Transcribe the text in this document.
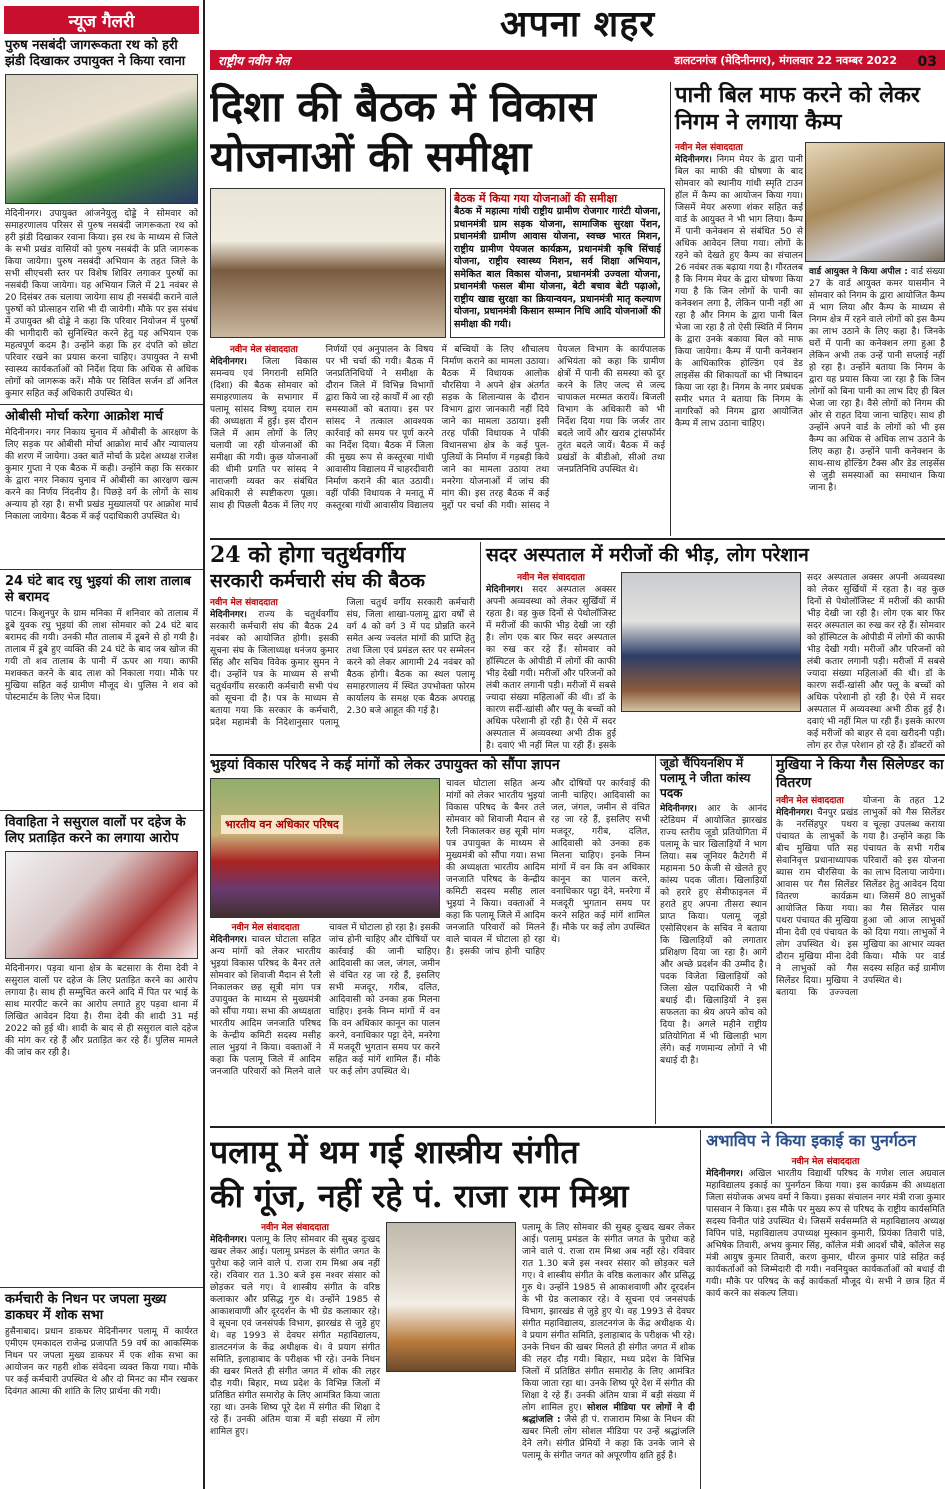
न्यूज गैलरी
पुरुष नसबंदी जागरूकता रथ को हरी झंडी दिखाकर उपायुक्त ने किया रवाना
मेदिनीनगर। उपायुक्त आंजनेयुलु दोड्डे ने सोमवार को समाहरणालय परिसर से पुरुष नसबंदी जागरूकता रथ को हरी झंडी दिखाकर रवाना किया। इस रथ के माध्यम से जिले के सभी प्रखंड वासियों को पुरुष नसबंदी के प्रति जागरूक किया जायेगा। पुरुष नसबंदी अभियान के तहत जिले के सभी सीएचसी स्तर पर विशेष शिविर लगाकर पुरुषों का नसबंदी किया जायेगा। यह अभियान जिले में 21 नवंबर से 20 दिसंबर तक चलाया जायेगा साथ ही नसबंदी कराने वाले पुरुषों को प्रोत्साहन राशि भी दी जायेगी। मौके पर इस संबंध में उपायुक्त श्री दोड्डे ने कहा कि परिवार नियोजन में पुरुषों की भागीदारी को सुनिश्चित करने हेतु यह अभियान एक महत्वपूर्ण कदम है। उन्होंने कहा कि हर दंपति को छोटा परिवार रखने का प्रयास करना चाहिए। उपायुक्त ने सभी स्वास्थ्य कार्यकर्ताओं को निर्देश दिया कि अधिक से अधिक लोगों को जागरूक करें। मौके पर सिविल सर्जन डॉ अनिल कुमार सहित कई अधिकारी उपस्थित थे।
ओबीसी मोर्चा करेगा आक्रोश मार्च
मेदिनीनगर। नगर निकाय चुनाव में ओबीसी के आरक्षण के लिए सड़क पर ओबीसी मोर्चा आक्रोश मार्च और न्यायालय की शरण में जायेगा। उक्त बातें मोर्चा के प्रदेश अध्यक्ष राजेश कुमार गुप्ता ने एक बैठक में कही। उन्होंने कहा कि सरकार के द्वारा नगर निकाय चुनाव में ओबीसी का आरक्षण खत्म करने का निर्णय निंदनीय है। पिछड़े वर्ग के लोगों के साथ अन्याय हो रहा है। सभी प्रखंड मुख्यालयों पर आक्रोश मार्च निकाला जायेगा। बैठक में कई पदाधिकारी उपस्थित थे।
24 घंटे बाद रघु भुइयां की लाश तालाब से बरामद
पाटन। किशुनपुर के ग्राम मनिका में शनिवार को तालाब में डूबे युवक रघु भुइयां की लाश सोमवार को 24 घंटे बाद बरामद की गयी। उनकी मौत तालाब में डूबने से हो गयी है। तालाब में डूबे हुए व्यक्ति की 24 घंटे के बाद जब खोज की गयी तो शव तालाब के पानी में ऊपर आ गया। काफी मशक्कत करने के बाद लाश को निकाला गया। मौके पर मुखिया सहित कई ग्रामीण मौजूद थे। पुलिस ने शव को पोस्टमार्टम के लिए भेज दिया।
विवाहिता ने ससुराल वालों पर दहेज के लिए प्रताड़ित करने का लगाया आरोप
मेदिनीनगर। पड़वा थाना क्षेत्र के बटसारा के रीमा देवी ने ससुराल वालों पर दहेज के लिए प्रताड़ित करने का आरोप लगाया है। साथ ही सम्मुचित करने आदि में पित पर भाई के साथ मारपीट करने का आरोप लगाते हुए पड़वा थाना में लिखित आवेदन दिया है। रीमा देवी की शादी 31 मई 2022 को हुई थी। शादी के बाद से ही ससुराल वाले दहेज की मांग कर रहे हैं और प्रताड़ित कर रहे हैं। पुलिस मामले की जांच कर रही है।
कर्मचारी के निधन पर जपला मुख्य डाकघर में शोक सभा
हुसैनाबाद। प्रधान डाकघर मेदिनीनगर पलामू में कार्यरत एमीएम एमकादल राजेन्द्र प्रजापति 59 वर्ष का आकस्मिक निधन पर जपला मुख्य डाकघर में एक शोक सभा का आयोजन कर गहरी शोक संवेदना व्यक्त किया गया। मौके पर कई कर्मचारी उपस्थित थे और दो मिनट का मौन रखकर दिवंगत आत्मा की शांति के लिए प्रार्थना की गयी।
अपना शहर
राष्ट्रीय नवीन मेल	डालटनगंज (मेदिनीनगर), मंगलवार 22 नवम्बर 2022 03
दिशा की बैठक में विकास
योजनाओं की समीक्षा
बैठक में किया गया योजनाओं की समीक्षा
बैठक में महात्मा गांधी राष्ट्रीय ग्रामीण रोजगार गारंटी योजना, प्रधानमंत्री ग्राम सड़क योजना, सामाजिक सुरक्षा पेंशन, प्रधानमंत्री ग्रामीण आवास योजना, स्वच्छ भारत मिशन, राष्ट्रीय ग्रामीण पेयजल कार्यक्रम, प्रधानमंत्री कृषि सिंचाई योजना, राष्ट्रीय स्वास्थ्य मिशन, सर्व शिक्षा अभियान, समेकित बाल विकास योजना, प्रधानमंत्री उज्वला योजना, प्रधानमंत्री फसल बीमा योजना, बेटी बचाव बेटी पढ़ाओ, राष्ट्रीय खाद्य सुरक्षा का क्रियान्वयन, प्रधानमंत्री मातृ कल्याण योजना, प्रधानमंत्री किसान सम्मान निधि आदि योजनाओं की समीक्षा की गयी।
नवीन मेल संवाददाता
मेदिनीनगर। जिला विकास समन्वय एवं निगरानी समिति (दिशा) की बैठक सोमवार को समाहरणालय के सभागार में पलामू सांसद विष्णु दयाल राम की अध्यक्षता में हुई। इस दौरान जिले में आम लोगों के लिए चलायी जा रही योजनाओं की समीक्षा की गयी। कुछ योजनाओं की धीमी प्रगति पर सांसद ने नाराजगी व्यक्त कर संबंधित अधिकारी से स्पष्टीकरण पूछा। साथ ही पिछली बैठक में लिए गए निर्णयों एवं अनुपालन के विषय पर भी चर्चा की गयी। बैठक में जनप्रतिनिधियों ने समीक्षा के दौरान जिले में विभिन्न विभागों द्वारा किये जा रहे कार्यों में आ रही समस्याओं को बताया। इस पर सांसद ने तत्काल आवश्यक कार्रवाई को समय पर पूर्ण करने का निर्देश दिया। बैठक में जिला की मुख्य रूप से कस्तूरबा गांधी आवासीय विद्यालय में चाहरदीवारी निर्माण कराने की बात उठायी। वहीं पाँकी विधायक ने मनातू में कस्तूरबा गांधी आवासीय विद्यालय में बच्चियों के लिए शौचालय निर्माण कराने का मामला उठाया। बैठक में विधायक आलोक चौरसिया ने अपने क्षेत्र अंतर्गत सड़क के शिलान्यास के दौरान विभाग द्वारा जानकारी नहीं दिये जाने का मामला उठाया। इसी तरह पाँकी विधायक ने पाँकी विधानसभा क्षेत्र के कई पुल-पुलियों के निर्माण में गड़बड़ी किये जाने का मामला उठाया तथा मनरेगा योजनाओं में जांच की मांग की। इस तरह बैठक में कई मुद्दों पर चर्चा की गयी। सांसद ने पेयजल विभाग के कार्यपालक अभियंता को कहा कि ग्रामीण क्षेत्रों में पानी की समस्या को दूर करने के लिए जल्द से जल्द चापाकल मरम्मत करायें। बिजली विभाग के अधिकारी को भी निर्देश दिया गया कि जर्जर तार बदले जायें और खराब ट्रांसफॉर्मर तुरंत बदले जायें। बैठक में कई प्रखंडों के बीडीओ, सीओ तथा जनप्रतिनिधि उपस्थित थे।
पानी बिल माफ करने को लेकर निगम ने लगाया कैम्प
नवीन मेल संवाददाता
मेदिनीनगर। निगम मेयर के द्वारा पानी बिल का माफी की घोषणा के बाद सोमवार को स्थानीय गांधी स्मृति टाउन हॉल में कैम्प का आयोजन किया गया। जिसमें मेयर अरुणा शंकर सहित कई वार्ड के आयुक्त ने भी भाग लिया। कैम्प में पानी कनेक्शन से संबंधित 50 से अधिक आवेदन लिया गया। लोगों के रहने को देखते हुए कैम्प का संचालन 26 नवंबर तक बढ़ाया गया है। गौरतलब है कि निगम मेयर के द्वारा घोषणा किया गया है कि जिन लोगों के पानी का कनेक्शन लगा है, लेकिन पानी नहीं आ रहा है और निगम के द्वारा पानी बिल भेजा जा रहा है तो ऐसी स्थिति में निगम के द्वारा उनके बकाया बिल को माफ किया जायेगा। कैम्प में पानी कनेक्शन के आधिकारिक होल्डिंग एवं डेड लाइसेंस की शिकायतों का भी निष्पादन किया जा रहा है। निगम के नगर प्रबंधक समीर भगत ने बताया कि निगम के नागरिकों को निगम द्वारा आयोजित कैम्प में लाभ उठाना चाहिए।
वार्ड आयुक्त ने किया अपील : वार्ड संख्या 27 के वार्ड आयुक्त कमर यासमीन ने सोमवार को निगम के द्वारा आयोजित कैम्प में भाग लिया और कैम्प के माध्यम से निगम क्षेत्र में रहने वाले लोगों को इस कैम्प का लाभ उठाने के लिए कहा है। जिनके घरों में पानी का कनेक्शन लगा हुआ है लेकिन अभी तक उन्हें पानी सप्लाई नहीं हो रहा है। उन्होंने बताया कि निगम के द्वारा यह प्रयास किया जा रहा है कि जिन लोगों को बिना पानी का लाभ दिए ही बिल भेजा जा रहा है। वैसे लोगों को निगम की ओर से राहत दिया जाना चाहिए। साथ ही उन्होंने अपने वार्ड के लोगों को भी इस कैम्प का अधिक से अधिक लाभ उठाने के लिए कहा है। उन्होंने पानी कनेक्शन के साथ-साथ होल्डिंग टैक्स और डेड लाइसेंस से जुड़ी समस्याओं का समाधान किया जाना है।
24 को होगा चतुर्थवर्गीय
सरकारी कर्मचारी संघ की बैठक
नवीन मेल संवाददाता
मेदिनीनगर। राज्य के चतुर्थवर्गीय सरकारी कर्मचारी संघ की बैठक 24 नवंबर को आयोजित होगी। इसकी सूचना संघ के जिलाध्यक्ष धनंजय कुमार सिंह और सचिव विवेक कुमार सुमन ने दी। उन्होंने पत्र के माध्यम से सभी चतुर्थवर्गीय सरकारी कर्मचारी सभी पंथ को सूचना दी है। पत्र के माध्यम से बताया गया कि सरकार के कर्मचारी, प्रदेश महामंत्री के निदेशानुसार पलामू जिला चतुर्थ वर्गीय सरकारी कर्मचारी संघ, जिला शाखा-पलामू द्वारा वर्षों से वर्ग 4 को वर्ग 3 में पद प्रोन्नति करने समेत अन्य ज्वलंत मांगों की प्राप्ति हेतु तथा जिला एवं प्रमंडल स्तर पर सम्मेलन करने को लेकर आगामी 24 नवंबर को बैठक होगी। बैठक का स्थल पलामू समाहरणालय में स्थित उपभोक्ता फोरम कार्यालय के समक्ष एक बैठक अपराह्न 2.30 बजे आहूत की गई है।
सदर अस्पताल में मरीजों की भीड़, लोग परेशान
नवीन मेल संवाददाता
मेदिनीनगर। सदर अस्पताल अक्सर अपनी अव्यवस्था को लेकर सुर्खियों में रहता है। वह कुछ दिनों से पेथोलॉजिस्ट में मरीजों की काफी भीड़ देखी जा रही है। लोग एक बार फिर सदर अस्पताल का रुख कर रहे हैं। सोमवार को हॉस्पिटल के ओपीडी में लोगों की काफी भीड़ देखी गयी। मरीजों और परिजनों को लंबी कतार लगानी पड़ी। मरीजों में सबसे ज्यादा संख्या महिलाओं की थी। डॉ के कारण सर्दी-खांसी और फ्लू के बच्चों को अधिक परेशानी हो रही है। ऐसे में सदर अस्पताल में अव्यवस्था अभी ठीक हुई है। दवाएं भी नहीं मिल पा रही हैं। इसके
सदर अस्पताल अक्सर अपनी अव्यवस्था को लेकर सुर्खियों में रहता है। वह कुछ दिनों से पेथोलॉजिस्ट में मरीजों की काफी भीड़ देखी जा रही है। लोग एक बार फिर सदर अस्पताल का रुख कर रहे हैं। सोमवार को हॉस्पिटल के ओपीडी में लोगों की काफी भीड़ देखी गयी। मरीजों और परिजनों को लंबी कतार लगानी पड़ी। मरीजों में सबसे ज्यादा संख्या महिलाओं की थी। डॉ के कारण सर्दी-खांसी और फ्लू के बच्चों को अधिक परेशानी हो रही है। ऐसे में सदर अस्पताल में अव्यवस्था अभी ठीक हुई है। दवाएं भी नहीं मिल पा रही हैं। इसके कारण कई मरीजों को बाहर से दवा खरीदनी पड़ी। लोग हर रोज़ परेशान हो रहे हैं। डॉक्टरों को
भुइयां विकास परिषद ने कई मांगों को लेकर उपायुक्त को सौंपा ज्ञापन
भारतीय वन अधिकार परिषद
चावल घोटाला सहित अन्य मांगों को लेकर भारतीय भुइयां विकास परिषद के बैनर तले सोमवार को शिवाजी मैदान से रैली निकालकर छह सूत्री मांग पत्र उपायुक्त के माध्यम से मुख्यमंत्री को सौंपा गया। सभा की अध्यक्षता भारतीय आदिम जनजाति परिषद के केन्द्रीय कमिटी सदस्य मसीह लाल भुइयां ने किया। वक्ताओं ने कहा कि पलामू जिले में आदिम जनजाति परिवारों को मिलने वाले चावल में घोटाला हो रहा है। इसकी जांच होनी चाहिए और दोषियों पर कार्रवाई की जानी चाहिए। आदिवासी का जल, जंगल, जमीन से वंचित रह जा रहे हैं, इसलिए सभी मजदूर, गरीब, दलित, आदिवासी को उनका हक मिलना चाहिए। इनके निम्न मांगों में वन कि वन अधिकार कानून का पालन करने, वनाधिकार पट्टा देने, मनरेगा में मजदूरी भुगतान समय पर करने सहित कई मांगें शामिल हैं। मौके पर कई लोग उपस्थित थे।
नवीन मेल संवाददाता
मेदिनीनगर। चावल घोटाला सहित अन्य मांगों को लेकर भारतीय भुइयां विकास परिषद के बैनर तले सोमवार को शिवाजी मैदान से रैली निकालकर छह सूत्री मांग पत्र उपायुक्त के माध्यम से मुख्यमंत्री को सौंपा गया। सभा की अध्यक्षता भारतीय आदिम जनजाति परिषद के केन्द्रीय कमिटी सदस्य मसीह लाल भुइयां ने किया। वक्ताओं ने कहा कि पलामू जिले में आदिम जनजाति परिवारों को मिलने वाले चावल में घोटाला हो रहा है। इसकी जांच होनी चाहिए और दोषियों पर कार्रवाई की जानी चाहिए। आदिवासी का जल, जंगल, जमीन से वंचित रह जा रहे हैं, इसलिए सभी मजदूर, गरीब, दलित, आदिवासी को उनका हक मिलना चाहिए। इनके निम्न मांगों में वन कि वन अधिकार कानून का पालन करने, वनाधिकार पट्टा देने, मनरेगा में मजदूरी भुगतान समय पर करने सहित कई मांगें शामिल हैं। मौके पर कई लोग उपस्थित थे।
जूडो चैंपियनशिप में पलामू ने जीता कांस्य पदक
मेदिनीनगर। आर के आनंद स्टेडियम में आयोजित झारखंड राज्य स्तरीय जूडो प्रतियोगिता में पलामू के चार खिलाड़ियों ने भाग लिया। सब जूनियर कैटेगरी में महामना 50 केजी से खेलते हुए कांस्य पदक जीता। खिलाड़ियों को हरारे हुए सेमीफाइनल में हराते हुए अपना तीसरा स्थान प्राप्त किया। पलामू जूडो एसोसिएशन के सचिव ने बताया कि खिलाड़ियों को लगातार प्रशिक्षण दिया जा रहा है। आगे और अच्छे प्रदर्शन की उम्मीद है। पदक विजेता खिलाड़ियों को जिला खेल पदाधिकारी ने भी बधाई दी। खिलाड़ियों ने इस सफलता का श्रेय अपने कोच को दिया है। अगले महीने राष्ट्रीय प्रतियोगिता में भी खिलाड़ी भाग लेंगे। कई गणमान्य लोगों ने भी बधाई दी है।
मुखिया ने किया गैस सिलेण्डर का वितरण
नवीन मेल संवाददाता
मेदिनीनगर। चैनपुर प्रखंड के नरसिंहपुर पथरा पंचायत के लाभुकों के बीच मुखिया पति सह सेवानिवृत्त प्रधानाध्यापक ब्यास राम चौरसिया के आवास पर गैस सिलेंडर वितरण कार्यक्रम आयोजित किया गया। पथरा पंचायत की मुखिया मीना देवी एवं पंचायत के लोग उपस्थित थे। इस दौरान मुखिया मीना देवी ने लाभुकों को गैस सिलेंडर दिया। मुखिया ने बताया कि उज्ज्वला योजना के तहत 12 लाभुकों को गैस सिलेंडर व चूल्हा उपलब्ध कराया गया है। उन्होंने कहा कि पंचायत के सभी गरीब परिवारों को इस योजना का लाभ दिलाया जायेगा। सिलेंडर हेतु आवेदन दिया था। जिसमें 80 लाभुकों का गैस सिलेंडर पास हुआ जो आज लाभुकों को दिया गया। लाभुकों ने मुखिया का आभार व्यक्त किया। मौके पर वार्ड सदस्य सहित कई ग्रामीण उपस्थित थे।
पलामू में थम गई शास्त्रीय संगीत
की गूंज, नहीं रहे पं. राजा राम मिश्रा
नवीन मेल संवाददाता
मेदिनीनगर। पलामू के लिए सोमवार की सुबह दुःखद खबर लेकर आई। पलामू प्रमंडल के संगीत जगत के पुरोधा कहे जाने वाले पं. राजा राम मिश्रा अब नहीं रहे। रविवार रात 1.30 बजे इस नश्वर संसार को छोड़कर चले गए। वे शास्त्रीय संगीत के वरिष्ठ कलाकार और प्रसिद्ध गुरु थे। उन्होंने 1985 से आकाशवाणी और दूरदर्शन के भी ग्रेड कलाकार रहे। वे सूचना एवं जनसंपर्क विभाग, झारखंड से जुड़े हुए थे। वह 1993 से देवघर संगीत महाविद्यालय, डालटनगंज के केंद्र अधीक्षक थे। वे प्रयाग संगीत समिति, इलाहाबाद के परीक्षक भी रहे। उनके निधन की खबर मिलते ही संगीत जगत में शोक की लहर दौड़ गयी। बिहार, मध्य प्रदेश के विभिन्न जिलों में प्रतिष्ठित संगीत समारोह के लिए आमंत्रित किया जाता रहा था। उनके शिष्य पूरे देश में संगीत की शिक्षा दे रहे हैं। उनकी अंतिम यात्रा में बड़ी संख्या में लोग शामिल हुए।
पलामू के लिए सोमवार की सुबह दुःखद खबर लेकर आई। पलामू प्रमंडल के संगीत जगत के पुरोधा कहे जाने वाले पं. राजा राम मिश्रा अब नहीं रहे। रविवार रात 1.30 बजे इस नश्वर संसार को छोड़कर चले गए। वे शास्त्रीय संगीत के वरिष्ठ कलाकार और प्रसिद्ध गुरु थे। उन्होंने 1985 से आकाशवाणी और दूरदर्शन के भी ग्रेड कलाकार रहे। वे सूचना एवं जनसंपर्क विभाग, झारखंड से जुड़े हुए थे। वह 1993 से देवघर संगीत महाविद्यालय, डालटनगंज के केंद्र अधीक्षक थे। वे प्रयाग संगीत समिति, इलाहाबाद के परीक्षक भी रहे। उनके निधन की खबर मिलते ही संगीत जगत में शोक की लहर दौड़ गयी। बिहार, मध्य प्रदेश के विभिन्न जिलों में प्रतिष्ठित संगीत समारोह के लिए आमंत्रित किया जाता रहा था। उनके शिष्य पूरे देश में संगीत की शिक्षा दे रहे हैं। उनकी अंतिम यात्रा में बड़ी संख्या में लोग शामिल हुए। सोशल मीडिया पर लोगों ने दी श्रद्धांजलि : जैसे ही पं. राजाराम मिश्रा के निधन की खबर मिली लोग सोशल मीडिया पर उन्हें श्रद्धांजलि देने लगे। संगीत प्रेमियों ने कहा कि उनके जाने से पलामू के संगीत जगत को अपूरणीय क्षति हुई है।
अभाविप ने किया इकाई का पुनर्गठन
नवीन मेल संवाददाता
मेदिनीनगर। अखिल भारतीय विद्यार्थी परिषद के गणेश लाल अग्रवाल महाविद्यालय इकाई का पुनर्गठन किया गया। इस कार्यक्रम की अध्यक्षता जिला संयोजक अभय वर्मा ने किया। इसका संचालन नगर मंत्री राजा कुमार पासवान ने किया। इस मौके पर मुख्य रूप से परिषद के राष्ट्रीय कार्यसमिति सदस्य विनीत पांडे उपस्थित थे। जिसमें सर्वसम्मति से महाविद्यालय अध्यक्ष विपिन पांडे, महाविद्यालय उपाध्यक्ष मुस्कान कुमारी, प्रियंका तिवारी पांडे, अभिषेक तिवारी, अभय कुमार सिंह, कॉलेज मंत्री आदर्श चौबे, कॉलेज सह मंत्री आयुष कुमार तिवारी, करण कुमार, धीरज कुमार पांडे सहित कई कार्यकर्ताओं को जिम्मेदारी दी गयी। नवनियुक्त कार्यकर्ताओं को बधाई दी गयी। मौके पर परिषद के कई कार्यकर्ता मौजूद थे। सभी ने छात्र हित में कार्य करने का संकल्प लिया।
